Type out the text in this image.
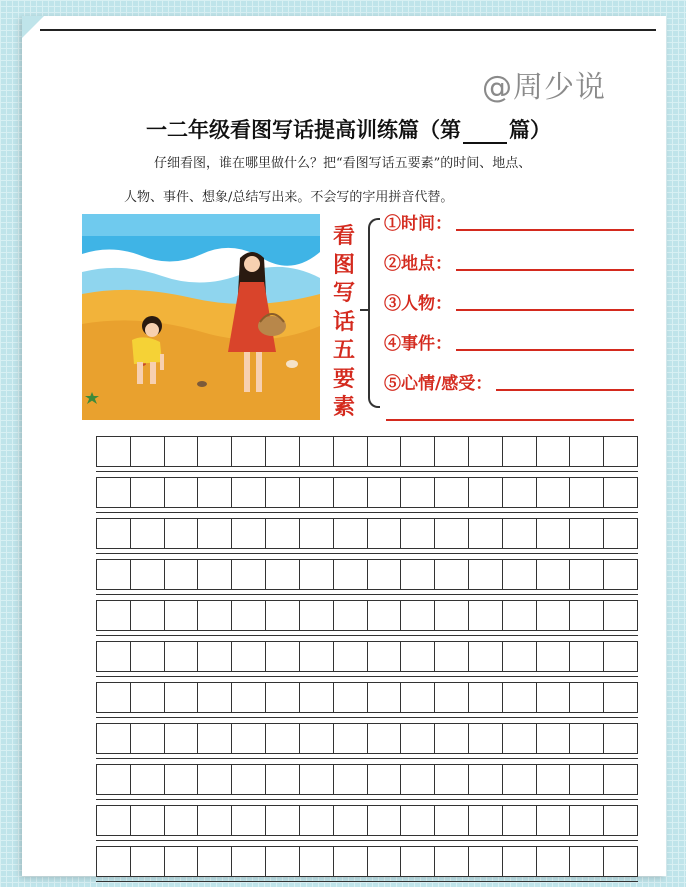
@周少说
一二年级看图写话提高训练篇（第 篇）
仔细看图，谁在哪里做什么？把“看图写话五要素”的时间、地点、
人物、事件、想象/总结写出来。不会写的字用拼音代替。
看
图
写
话
五
要
素
①时间：
②地点：
③人物：
④事件：
⑤心情/感受：
